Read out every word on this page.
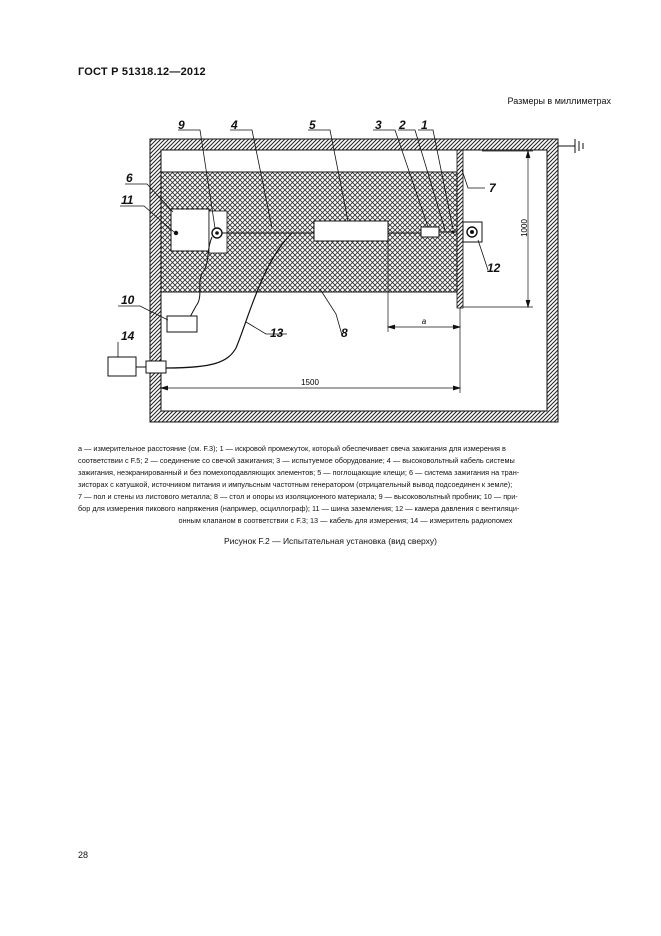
ГОСТ Р 51318.12—2012
Размеры в миллиметрах
1000
a
1500
9	4	5	3 2 1
6
11
7
12
10
13	8
14

a — измерительное расстояние (см. F.3); 1 — искровой промежуток, который обеспечивает свеча зажигания для измерения в

соответствии с F.5; 2 — соединение со свечой зажигания; 3 — испытуемое оборудование; 4 — высоковольтный кабель системы

зажигания, неэкранированный и без помехоподавляющих элементов; 5 — поглощающие клещи; 6 — система зажигания на тран-

зисторах с катушкой, источником питания и импульсным частотным генератором (отрицательный вывод подсоединен к земле);

7 — пол и стены из листового металла; 8 — стол и опоры из изоляционного материала; 9 — высоковольтный пробник; 10 — при-

бор для измерения пикового напряжения (например, осциллограф); 11 — шина заземления; 12 — камера давления с вентиляци-

онным клапаном в соответствии с F.3; 13 — кабель для измерения; 14 — измеритель радиопомех

Рисунок F.2 — Испытательная установка (вид сверху)
28
